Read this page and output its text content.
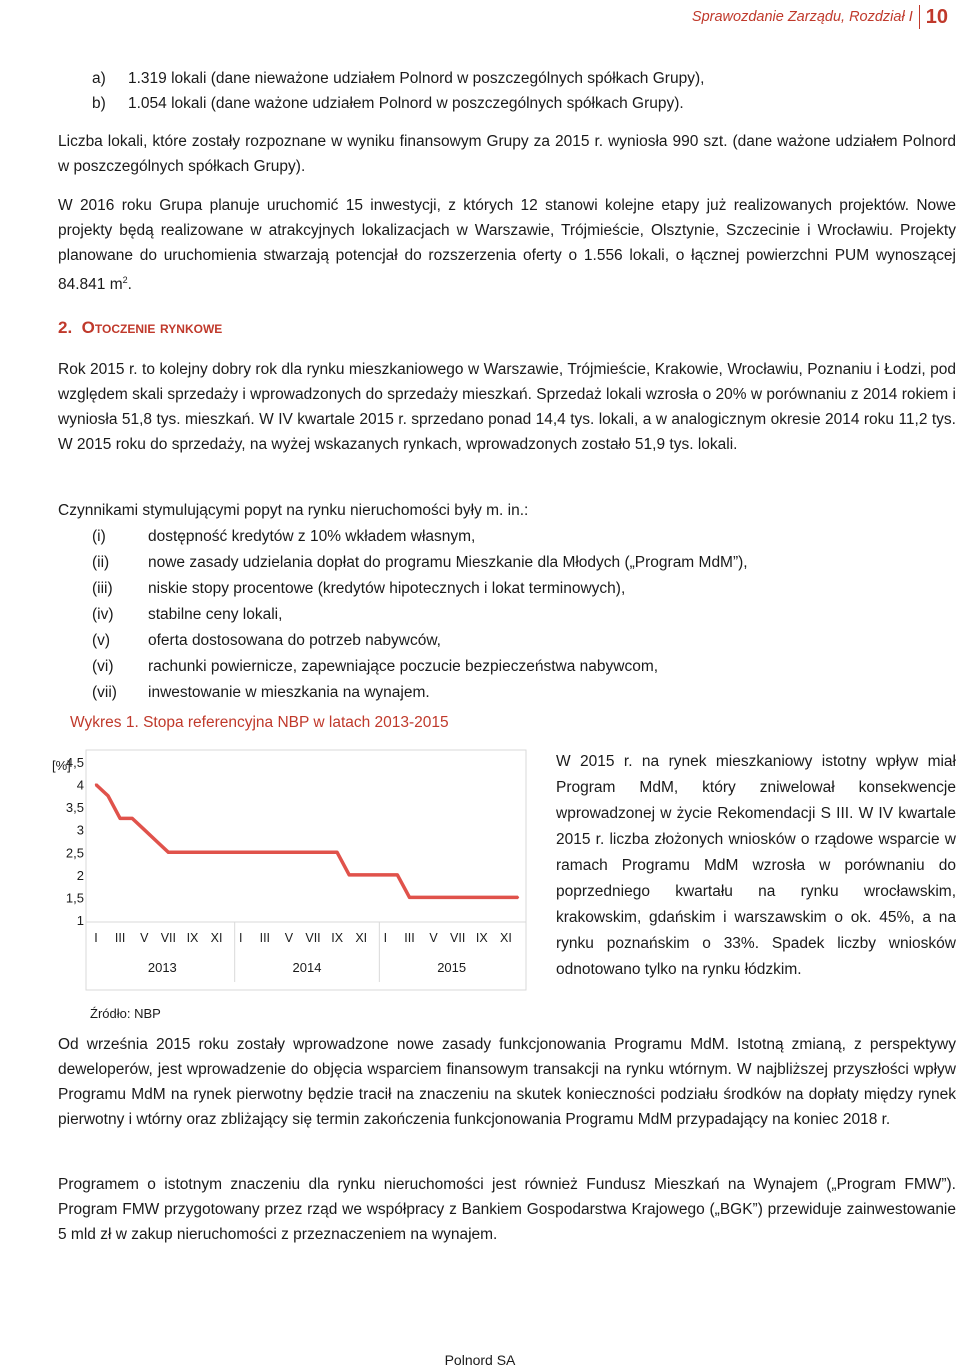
Sprawozdanie Zarządu, Rozdział I 10
a) 1.319 lokali (dane nieważone udziałem Polnord w poszczególnych spółkach Grupy),
b) 1.054 lokali (dane ważone udziałem Polnord w poszczególnych spółkach Grupy).
Liczba lokali, które zostały rozpoznane w wyniku finansowym Grupy za 2015 r. wyniosła 990 szt. (dane ważone udziałem Polnord w poszczególnych spółkach Grupy).
W 2016 roku Grupa planuje uruchomić 15 inwestycji, z których 12 stanowi kolejne etapy już realizowanych projektów. Nowe projekty będą realizowane w atrakcyjnych lokalizacjach w Warszawie, Trójmieście, Olsztynie, Szczecinie i Wrocławiu. Projekty planowane do uruchomienia stwarzają potencjał do rozszerzenia oferty o 1.556 lokali, o łącznej powierzchni PUM wynoszącej 84.841 $m^2$.
2. Otoczenie rynkowe
Rok 2015 r. to kolejny dobry rok dla rynku mieszkaniowego w Warszawie, Trójmieście, Krakowie, Wrocławiu, Poznaniu i Łodzi, pod względem skali sprzedaży i wprowadzonych do sprzedaży mieszkań. Sprzedaż lokali wzrosła o 20% w porównaniu z 2014 rokiem i wyniosła 51,8 tys. mieszkań. W IV kwartale 2015 r. sprzedano ponad 14,4 tys. lokali, a w analogicznym okresie 2014 roku 11,2 tys. W 2015 roku do sprzedaży, na wyżej wskazanych rynkach, wprowadzonych zostało 51,9 tys. lokali.
Czynnikami stymulującymi popyt na rynku nieruchomości były m. in.:
(i)	dostępność kredytów z 10% wkładem własnym,
(ii)	nowe zasady udzielania dopłat do programu Mieszkanie dla Młodych („Program MdM”),
(iii) niskie stopy procentowe (kredytów hipotecznych i lokat terminowych),
(iv) stabilne ceny lokali,
(v) oferta dostosowana do potrzeb nabywców,
(vi) rachunki powiernicze, zapewniające poczucie bezpieczeństwa nabywcom,
(vii) inwestowanie w mieszkania na wynajem.
Wykres 1. Stopa referencyjna NBP w latach 2013-2015
[%]
4,5
4
3,5
3
2,5
2
1,5
1
I III V VII IX XI I III V VII IX XI I III V VII IX XI
2013	2014	2015
W 2015 r. na rynek mieszkaniowy istotny wpływ miał Program MdM, który zniwelował konsekwencje wprowadzonej w życie Rekomendacji S III. W IV kwartale 2015 r. liczba złożonych wniosków o rządowe wsparcie w ramach Programu MdM wzrosła w porównaniu do poprzedniego kwartału na rynku wrocławskim, krakowskim, gdańskim i warszawskim o ok. 45%, a na rynku poznańskim o 33%. Spadek liczby wniosków odnotowano tylko na rynku łódzkim.
Źródło: NBP
Od września 2015 roku zostały wprowadzone nowe zasady funkcjonowania Programu MdM. Istotną zmianą, z perspektywy deweloperów, jest wprowadzenie do objęcia wsparciem finansowym transakcji na rynku wtórnym. W najbliższej przyszłości wpływ Programu MdM na rynek pierwotny będzie tracił na znaczeniu na skutek konieczności podziału środków na dopłaty między rynek pierwotny i wtórny oraz zbliżający się termin zakończenia funkcjonowania Programu MdM przypadający na koniec 2018 r.
Programem o istotnym znaczeniu dla rynku nieruchomości jest również Fundusz Mieszkań na Wynajem („Program FMW”). Program FMW przygotowany przez rząd we współpracy z Bankiem Gospodarstwa Krajowego („BGK”) przewiduje zainwestowanie 5 mld zł w zakup nieruchomości z przeznaczeniem na wynajem.
Polnord SA
